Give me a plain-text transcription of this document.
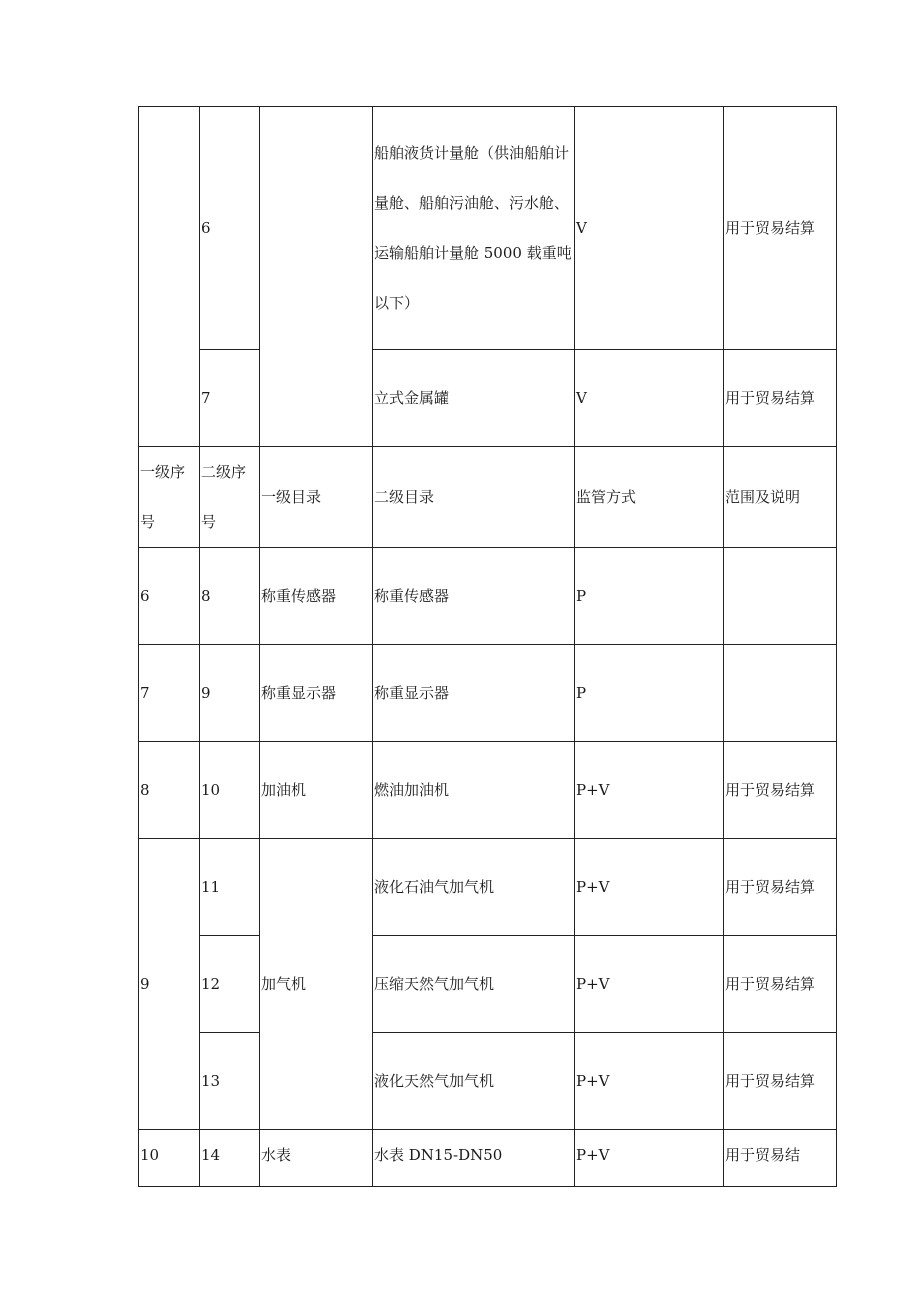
	6		船舶液货计量舱（供油船舶计量舱、船舶污油舱、污水舱、运输船舶计量舱 5000 载重吨以下）	V	用于贸易结算
	7		立式金属罐	V	用于贸易结算
一级序号	二级序号	一级目录	二级目录	监管方式	范围及说明
6	8	称重传感器	称重传感器	P	
7	9	称重显示器	称重显示器	P	
8	10	加油机	燃油加油机	P+V	用于贸易结算
9	11	加气机	液化石油气加气机	P+V	用于贸易结算
	12		压缩天然气加气机	P+V	用于贸易结算
	13		液化天然气加气机	P+V	用于贸易结算
10	14	水表	水表 DN15-DN50	P+V	用于贸易结
